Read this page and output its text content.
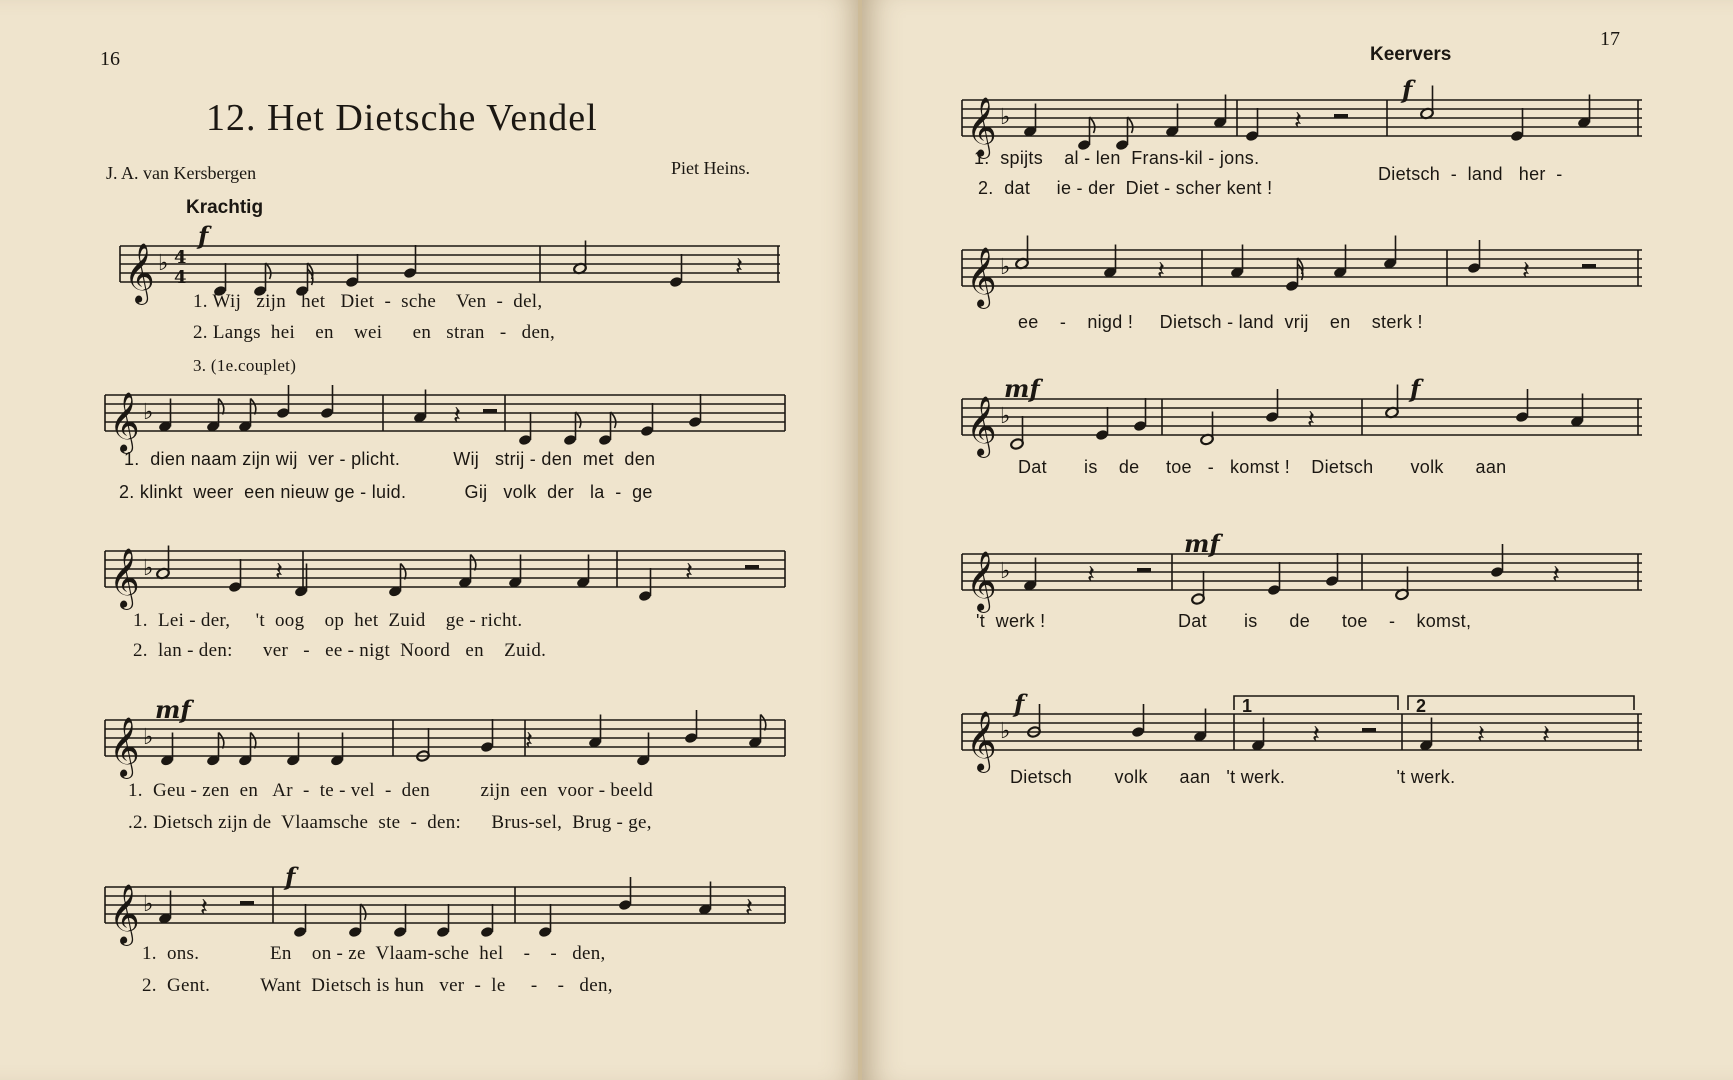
16
12. Het Dietsche Vendel
J. A. van Kersbergen	Piet Heins.
Krachtig
𝄞 ♭ 4
4	𝄽
f
𝄞 ♭	𝄽
𝄞 ♭	𝄽	𝄽
𝄞 ♭	𝄽
mf
𝄞 ♭ 𝄽	𝄽
f
1. Wij   zijn   het   Diet  -  sche    Ven  -  del,
2. Langs  hei    en    wei      en   stran   -   den,
3. (1e.couplet)
1.  dien naam zijn wij  ver - plicht.          Wij   strij - den  met  den
2. klinkt  weer  een nieuw ge - luid.           Gij   volk  der   la  -  ge
1.  Lei - der,     't  oog    op  het  Zuid    ge - richt.
2.  lan - den:      ver   -   ee - nigt  Noord   en    Zuid.
1.  Geu - zen  en   Ar  -  te - vel  -  den          zijn  een  voor - beeld
.2. Dietsch zijn de  Vlaamsche  ste  -  den:      Brus-sel,  Brug - ge,
1.  ons.              En    on - ze  Vlaam-sche  hel    -    -   den,
2.  Gent.          Want  Dietsch is hun   ver  -  le     -    -   den,
17
Keervers
𝄞 ♭	𝄽
f
𝄞 ♭	𝄽	𝄽
𝄞 ♭	𝄽
mf	f
𝄞 ♭	𝄽	𝄽
mf
𝄞 ♭	𝄽	𝄽 𝄽
f	1	2
1.  spijts    al - len  Frans-kil - jons.
2.  dat     ie - der  Diet - scher kent !
Dietsch  -  land   her  -
ee    -    nigd !     Dietsch - land  vrij    en    sterk !
Dat       is    de     toe   -   komst !    Dietsch       volk      aan
't  werk !                         Dat       is      de      toe    -    komst,
Dietsch        volk      aan   't werk.                     't werk.
